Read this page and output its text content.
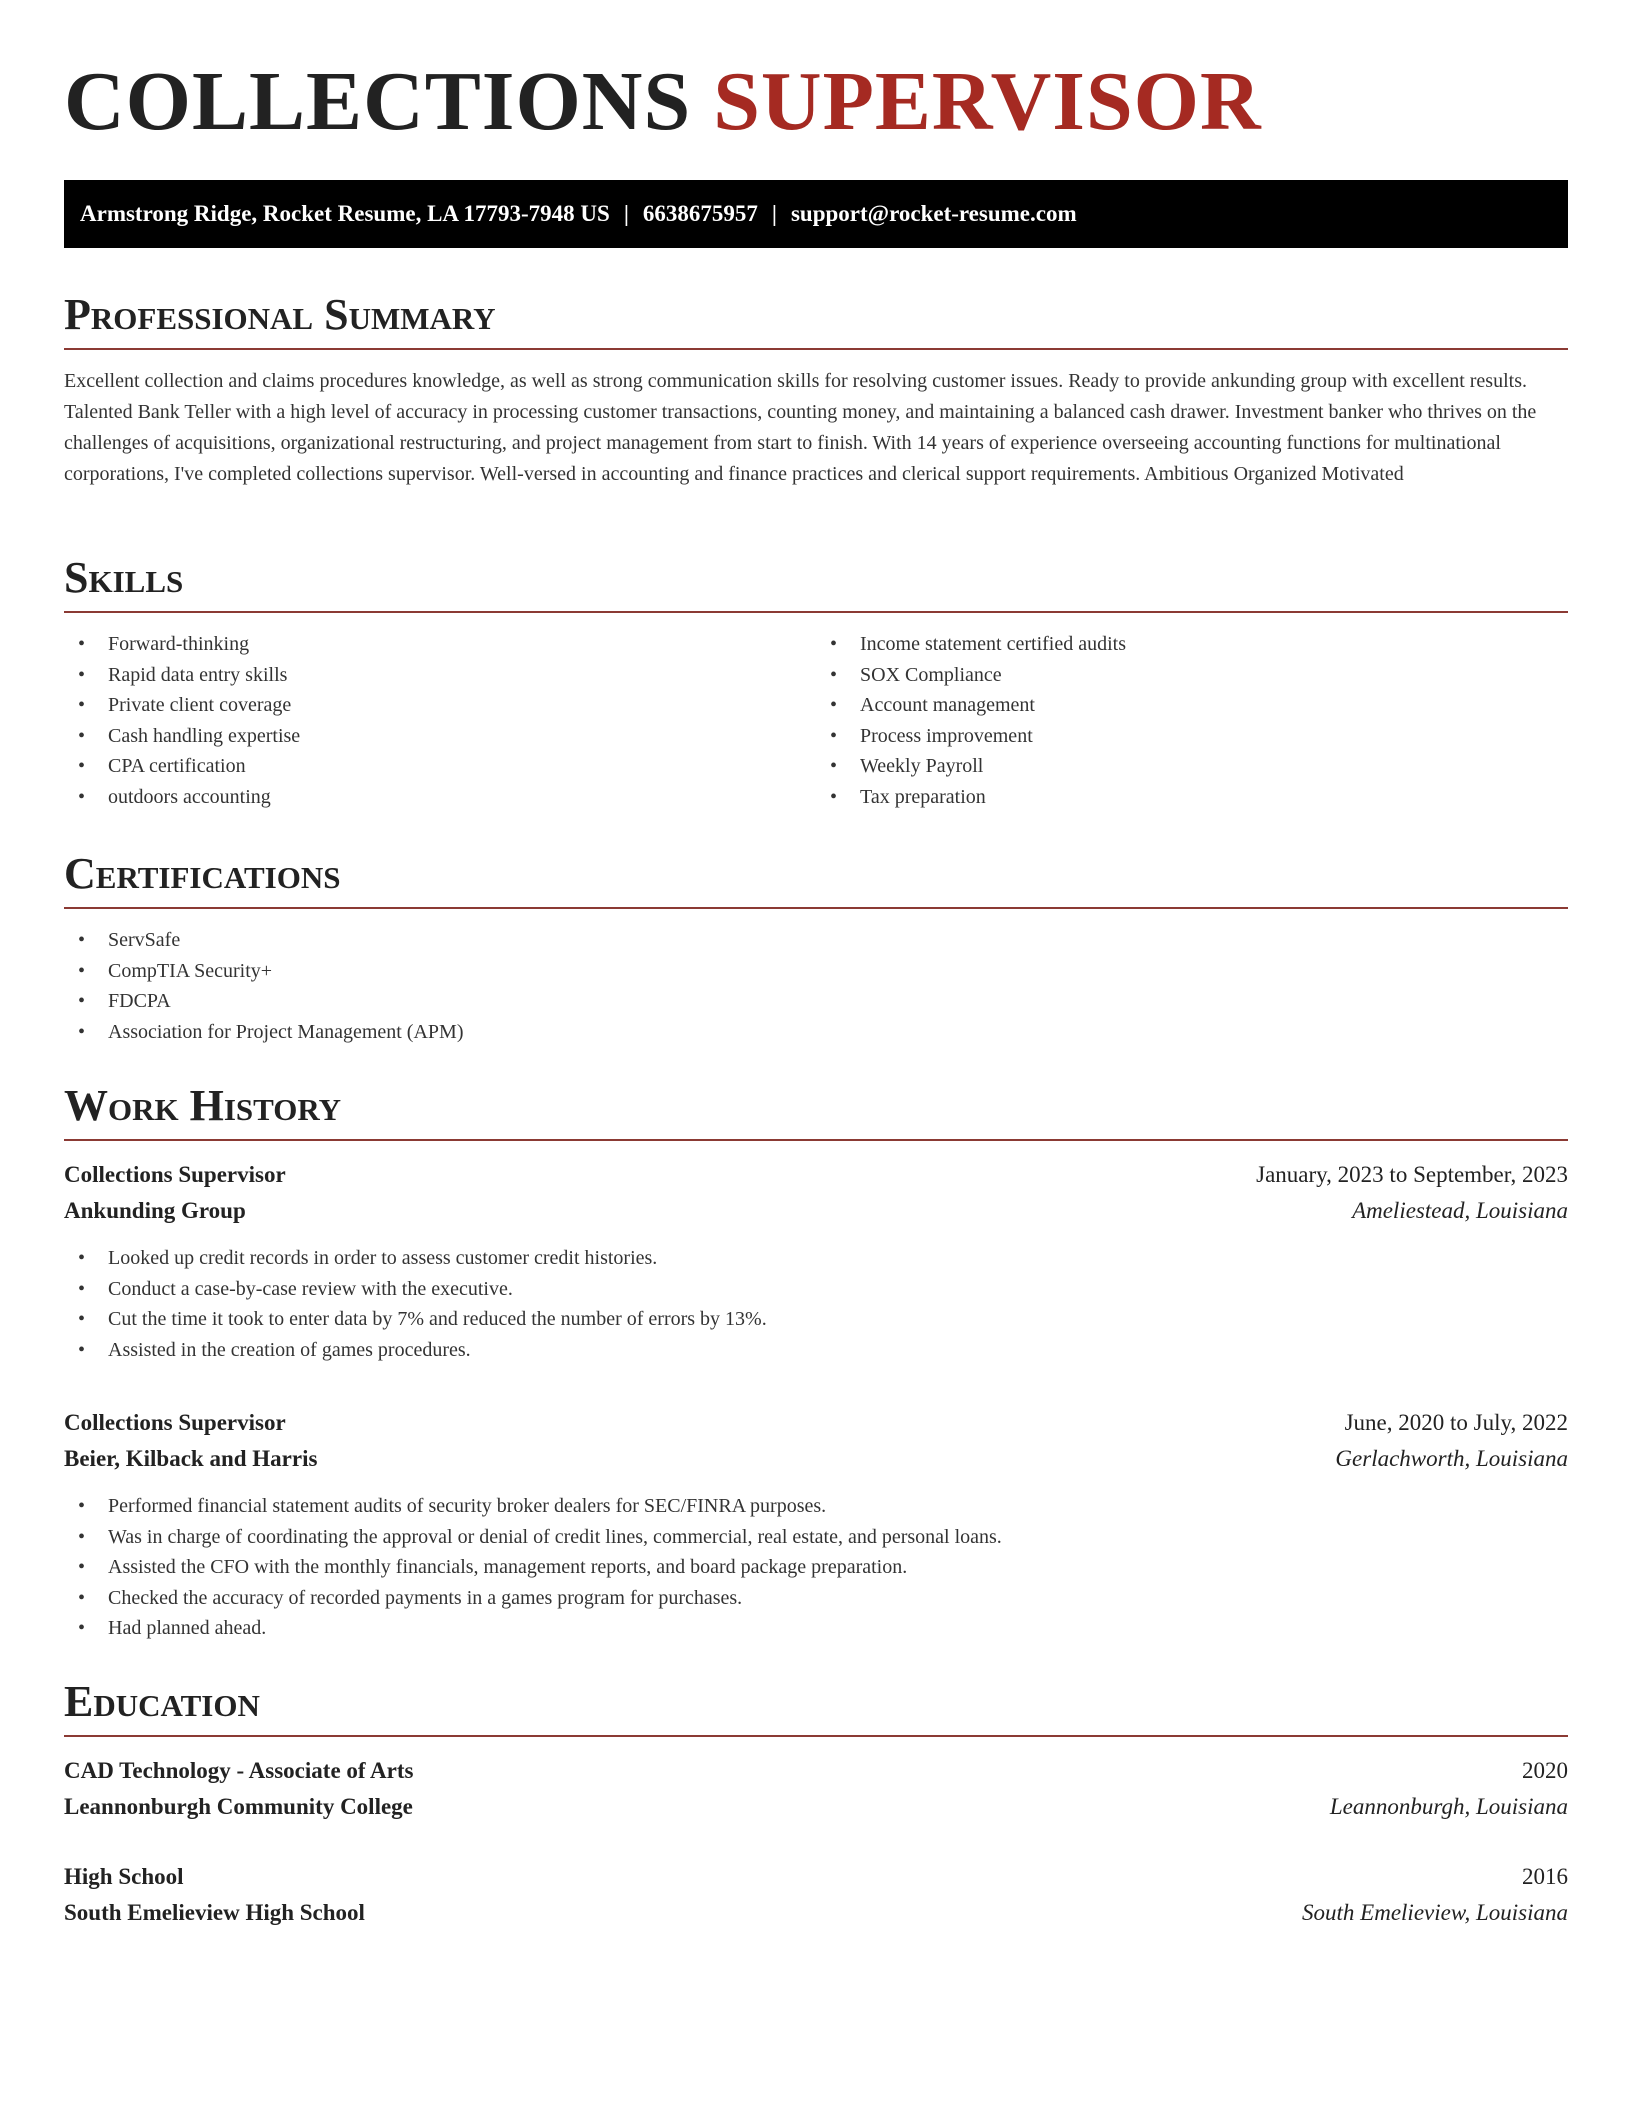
COLLECTIONS SUPERVISOR
Armstrong Ridge, Rocket Resume, LA 17793-7948 US | 6638675957 | support@rocket-resume.com
Professional Summary

Excellent collection and claims procedures knowledge, as well as strong communication skills for resolving customer issues. Ready to provide ankunding group with excellent results. Talented Bank Teller with a high level of accuracy in processing customer transactions, counting money, and maintaining a balanced cash drawer. Investment banker who thrives on the challenges of acquisitions, organizational restructuring, and project management from start to finish. With 14 years of experience overseeing accounting functions for multinational corporations, I've completed collections supervisor. Well-versed in accounting and finance practices and clerical support requirements. Ambitious Organized Motivated

Skills
• Forward-thinking
• Rapid data entry skills
• Private client coverage
• Cash handling expertise
• CPA certification
• outdoors accounting
• Income statement certified audits
• SOX Compliance
• Account management
• Process improvement
• Weekly Payroll
• Tax preparation
Certifications
• ServSafe
• CompTIA Security+
• FDCPA
• Association for Project Management (APM)
Work History
Collections Supervisor	January, 2023 to September, 2023
Ankunding Group	Ameliestead, Louisiana
• Looked up credit records in order to assess customer credit histories.
• Conduct a case-by-case review with the executive.
• Cut the time it took to enter data by 7% and reduced the number of errors by 13%.
• Assisted in the creation of games procedures.
Collections Supervisor	June, 2020 to July, 2022
Beier, Kilback and Harris	Gerlachworth, Louisiana
• Performed financial statement audits of security broker dealers for SEC/FINRA purposes.
• Was in charge of coordinating the approval or denial of credit lines, commercial, real estate, and personal loans.
• Assisted the CFO with the monthly financials, management reports, and board package preparation.
• Checked the accuracy of recorded payments in a games program for purchases.
• Had planned ahead.
Education
CAD Technology - Associate of Arts	2020
Leannonburgh Community College	Leannonburgh, Louisiana
High School	2016
South Emelieview High School	South Emelieview, Louisiana
